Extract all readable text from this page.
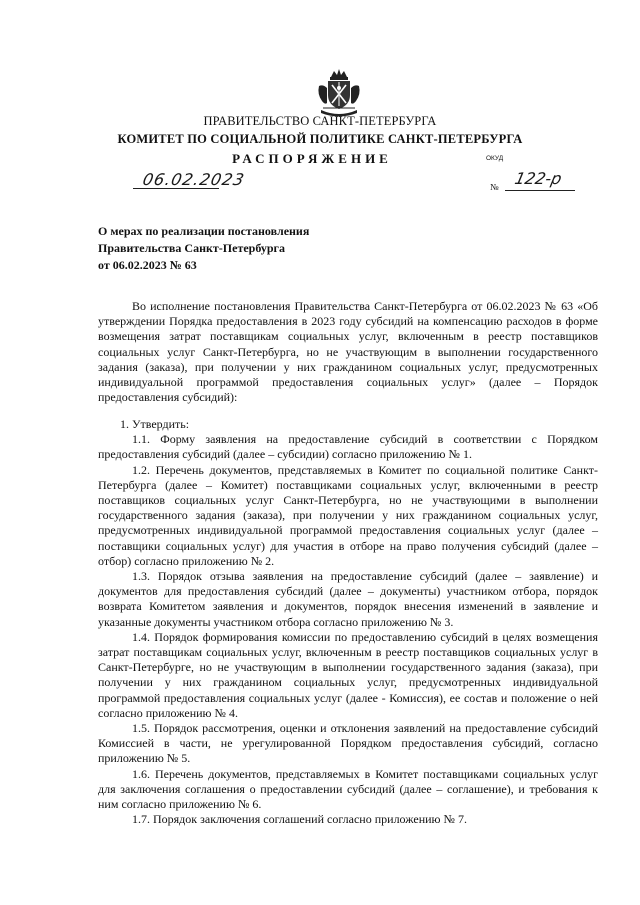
ПРАВИТЕЛЬСТВО САНКТ-ПЕТЕРБУРГА
КОМИТЕТ ПО СОЦИАЛЬНОЙ ПОЛИТИКЕ САНКТ-ПЕТЕРБУРГА
РАСПОРЯЖЕНИЕ	ОКУД
06.02.2023	№ 122-р
О мерах по реализации постановления
Правительства Санкт-Петербурга
от 06.02.2023 № 63

Во исполнение постановления Правительства Санкт-Петербурга от 06.02.2023 № 63 «Об утверждении Порядка предоставления в 2023 году субсидий на компенсацию расходов в форме возмещения затрат поставщикам социальных услуг, включенным в реестр поставщиков социальных услуг Санкт-Петербурга, но не участвующим в выполнении государственного задания (заказа), при получении у них гражданином социальных услуг, предусмотренных индивидуальной программой предоставления социальных услуг» (далее – Порядок предоставления субсидий):

1. Утвердить:

1.1. Форму заявления на предоставление субсидий в соответствии с Порядком предоставления субсидий (далее – субсидии) согласно приложению № 1.

1.2. Перечень документов, представляемых в Комитет по социальной политике Санкт-Петербурга (далее – Комитет) поставщиками социальных услуг, включенными в реестр поставщиков социальных услуг Санкт-Петербурга, но не участвующими в выполнении государственного задания (заказа), при получении у них гражданином социальных услуг, предусмотренных индивидуальной программой предоставления социальных услуг (далее – поставщики социальных услуг) для участия в отборе на право получения субсидий (далее – отбор) согласно приложению № 2.

1.3. Порядок отзыва заявления на предоставление субсидий (далее – заявление) и документов для предоставления субсидий (далее – документы) участником отбора, порядок возврата Комитетом заявления и документов, порядок внесения изменений в заявление и указанные документы участником отбора согласно приложению № 3.

1.4. Порядок формирования комиссии по предоставлению субсидий в целях возмещения затрат поставщикам социальных услуг, включенным в реестр поставщиков социальных услуг в Санкт-Петербурге, но не участвующим в выполнении государственного задания (заказа), при получении у них гражданином социальных услуг, предусмотренных индивидуальной программой предоставления социальных услуг (далее - Комиссия), ее состав и положение о ней согласно приложению № 4.

1.5. Порядок рассмотрения, оценки и отклонения заявлений на предоставление субсидий Комиссией в части, не урегулированной Порядком предоставления субсидий, согласно приложению № 5.

1.6. Перечень документов, представляемых в Комитет поставщиками социальных услуг для заключения соглашения о предоставлении субсидий (далее – соглашение), и требования к ним согласно приложению № 6.

1.7. Порядок заключения соглашений согласно приложению № 7.
